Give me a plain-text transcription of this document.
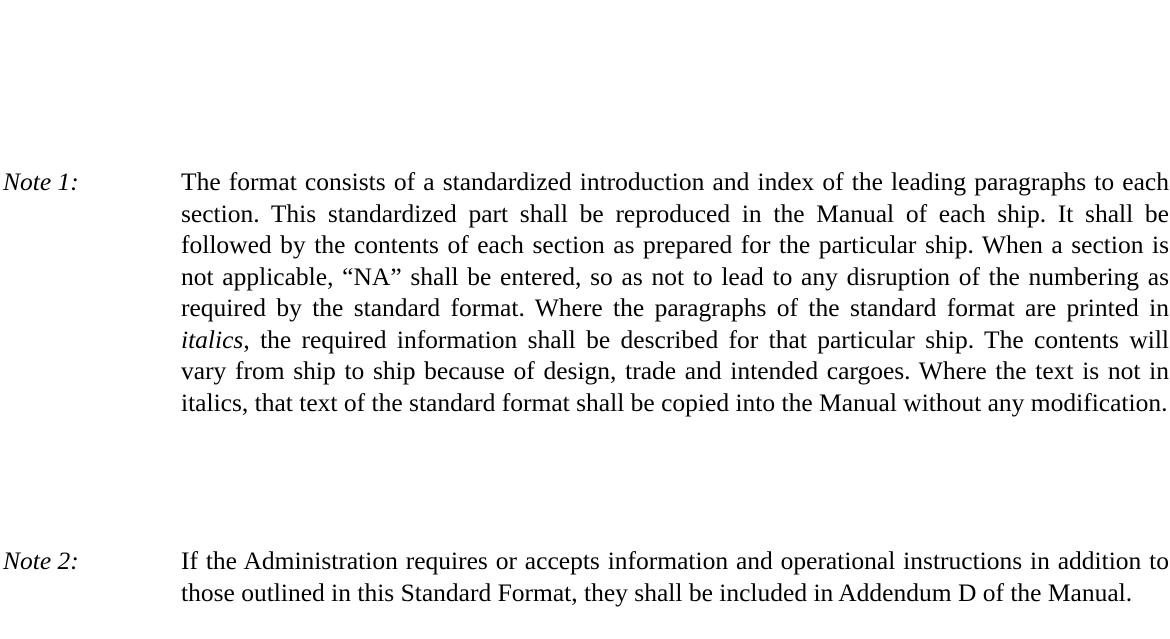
Note 1:	The format consists of a standardized introduction and index of the leading paragraphs to each section. This standardized part shall be reproduced in the Manual of each ship. It shall be followed by the contents of each section as prepared for the particular ship. When a section is not applicable, “NA” shall be entered, so as not to lead to any disruption of the numbering as required by the standard format. Where the paragraphs of the standard format are printed in italics, the required information shall be described for that particular ship. The contents will vary from ship to ship because of design, trade and intended cargoes. Where the text is not in italics, that text of the standard format shall be copied into the Manual without any modification.

Note 2:	If the Administration requires or accepts information and operational instructions in addition to those outlined in this Standard Format, they shall be included in Addendum D of the Manual.
